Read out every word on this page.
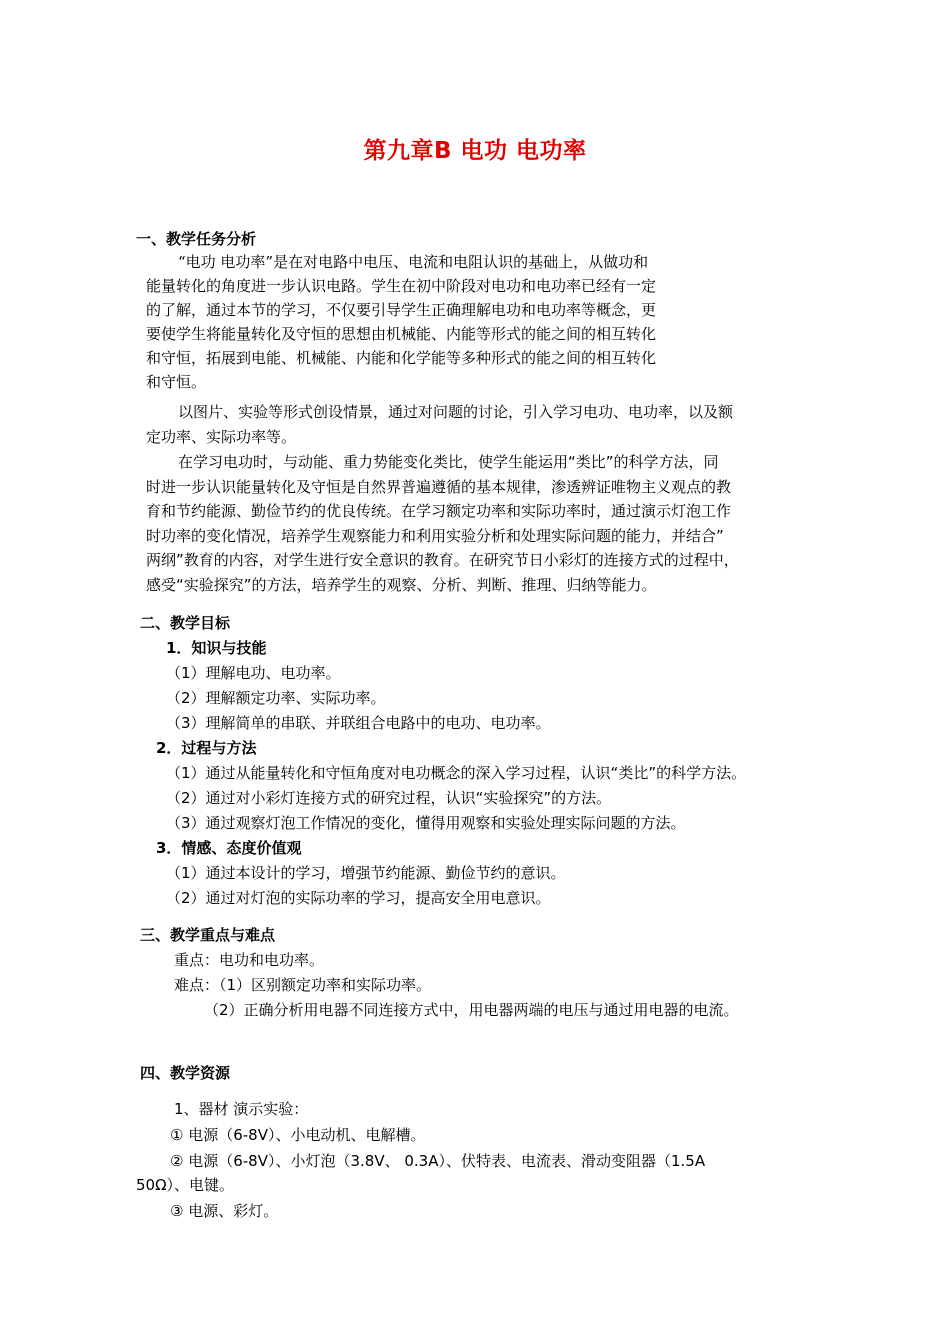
第九章B 电功 电功率
一、教学任务分析
“电功 电功率”是在对电路中电压、电流和电阻认识的基础上，从做功和
能量转化的角度进一步认识电路。学生在初中阶段对电功和电功率已经有一定
的了解，通过本节的学习，不仅要引导学生正确理解电功和电功率等概念，更
要使学生将能量转化及守恒的思想由机械能、内能等形式的能之间的相互转化
和守恒，拓展到电能、机械能、内能和化学能等多种形式的能之间的相互转化
和守恒。
以图片、实验等形式创设情景，通过对问题的讨论，引入学习电功、电功率，以及额
定功率、实际功率等。
在学习电功时，与动能、重力势能变化类比，使学生能运用“类比”的科学方法，同
时进一步认识能量转化及守恒是自然界普遍遵循的基本规律，渗透辨证唯物主义观点的教
育和节约能源、勤俭节约的优良传统。在学习额定功率和实际功率时，通过演示灯泡工作
时功率的变化情况，培养学生观察能力和利用实验分析和处理实际问题的能力，并结合”
两纲”教育的内容，对学生进行安全意识的教育。在研究节日小彩灯的连接方式的过程中，
感受“实验探究”的方法，培养学生的观察、分析、判断、推理、归纳等能力。
二、教学目标
1．知识与技能
（1）理解电功、电功率。
（2）理解额定功率、实际功率。
（3）理解简单的串联、并联组合电路中的电功、电功率。
2．过程与方法
（1）通过从能量转化和守恒角度对电功概念的深入学习过程，认识“类比”的科学方法。
（2）通过对小彩灯连接方式的研究过程，认识“实验探究”的方法。
（3）通过观察灯泡工作情况的变化，懂得用观察和实验处理实际问题的方法。
3．情感、态度价值观
（1）通过本设计的学习，增强节约能源、勤俭节约的意识。
（2）通过对灯泡的实际功率的学习，提高安全用电意识。
三、教学重点与难点
重点：电功和电功率。
难点：（1）区别额定功率和实际功率。
（2）正确分析用电器不同连接方式中，用电器两端的电压与通过用电器的电流。
四、教学资源
1、器材 演示实验：
① 电源（6-8V）、小电动机、电解槽。
② 电源（6-8V）、小灯泡（3.8V、 0.3A）、伏特表、电流表、滑动变阻器（1.5A
50Ω）、电键。
③ 电源、彩灯。
